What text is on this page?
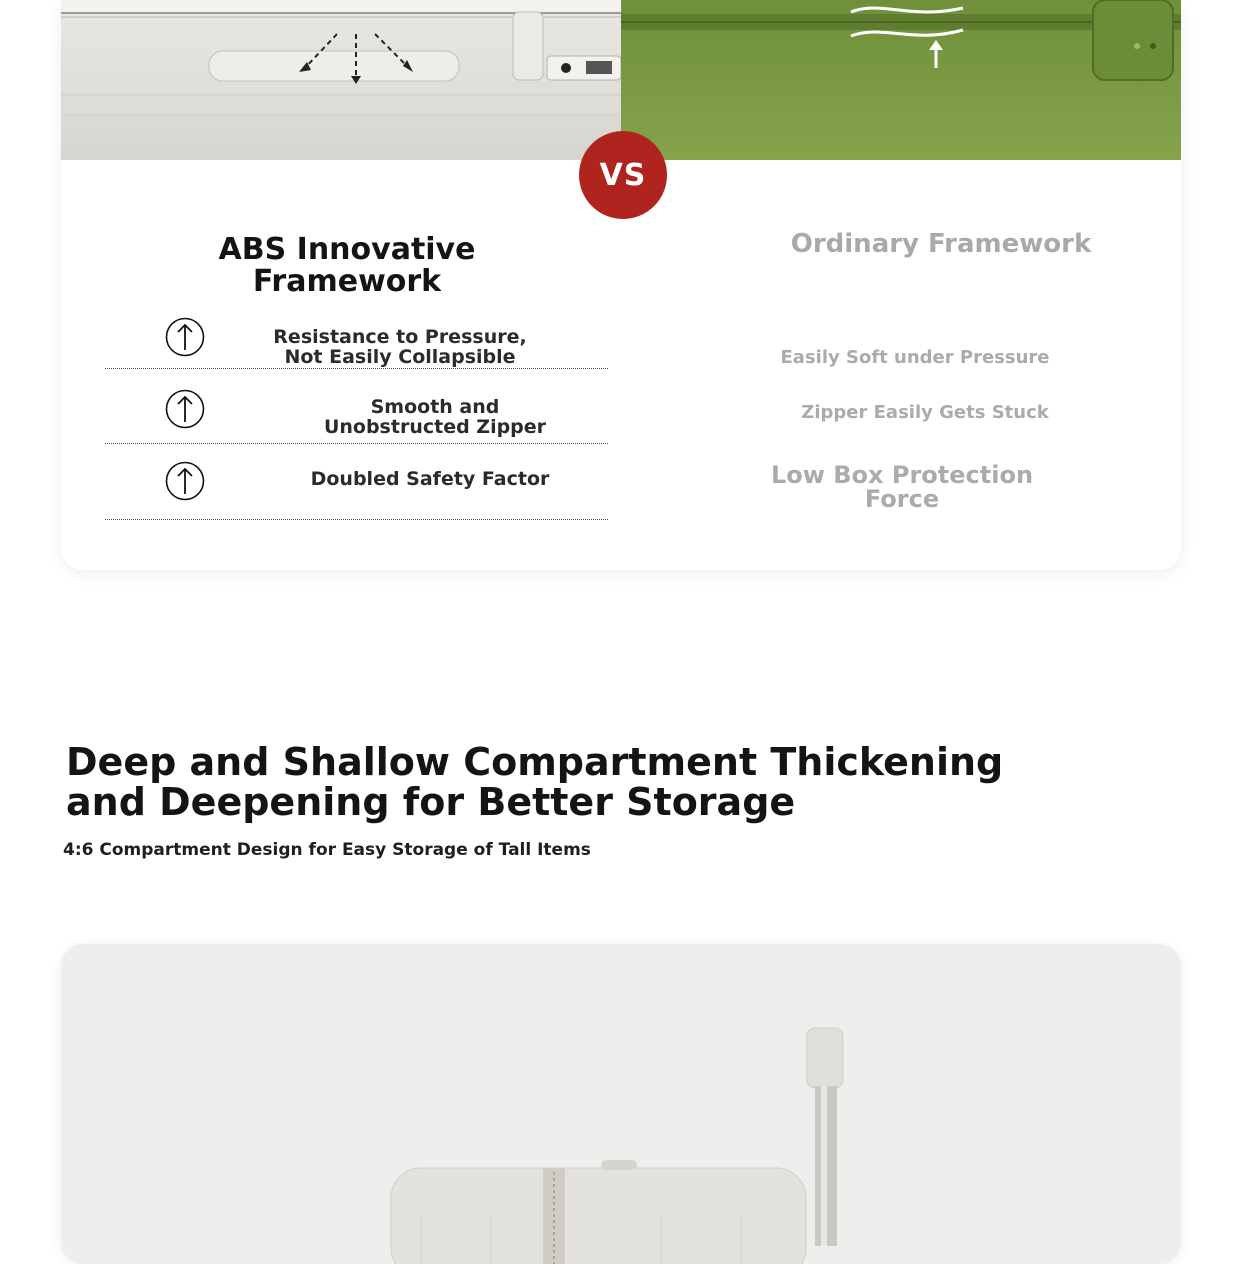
VS
ABS Innovative Framework
Ordinary Framework
Resistance to Pressure, Not Easily Collapsible
Smooth and Unobstructed Zipper
Doubled Safety Factor
Easily Soft under Pressure
Zipper Easily Gets Stuck
Low Box Protection Force
Deep and Shallow Compartment Thickening and Deepening for Better Storage

4:6 Compartment Design for Easy Storage of Tall Items
